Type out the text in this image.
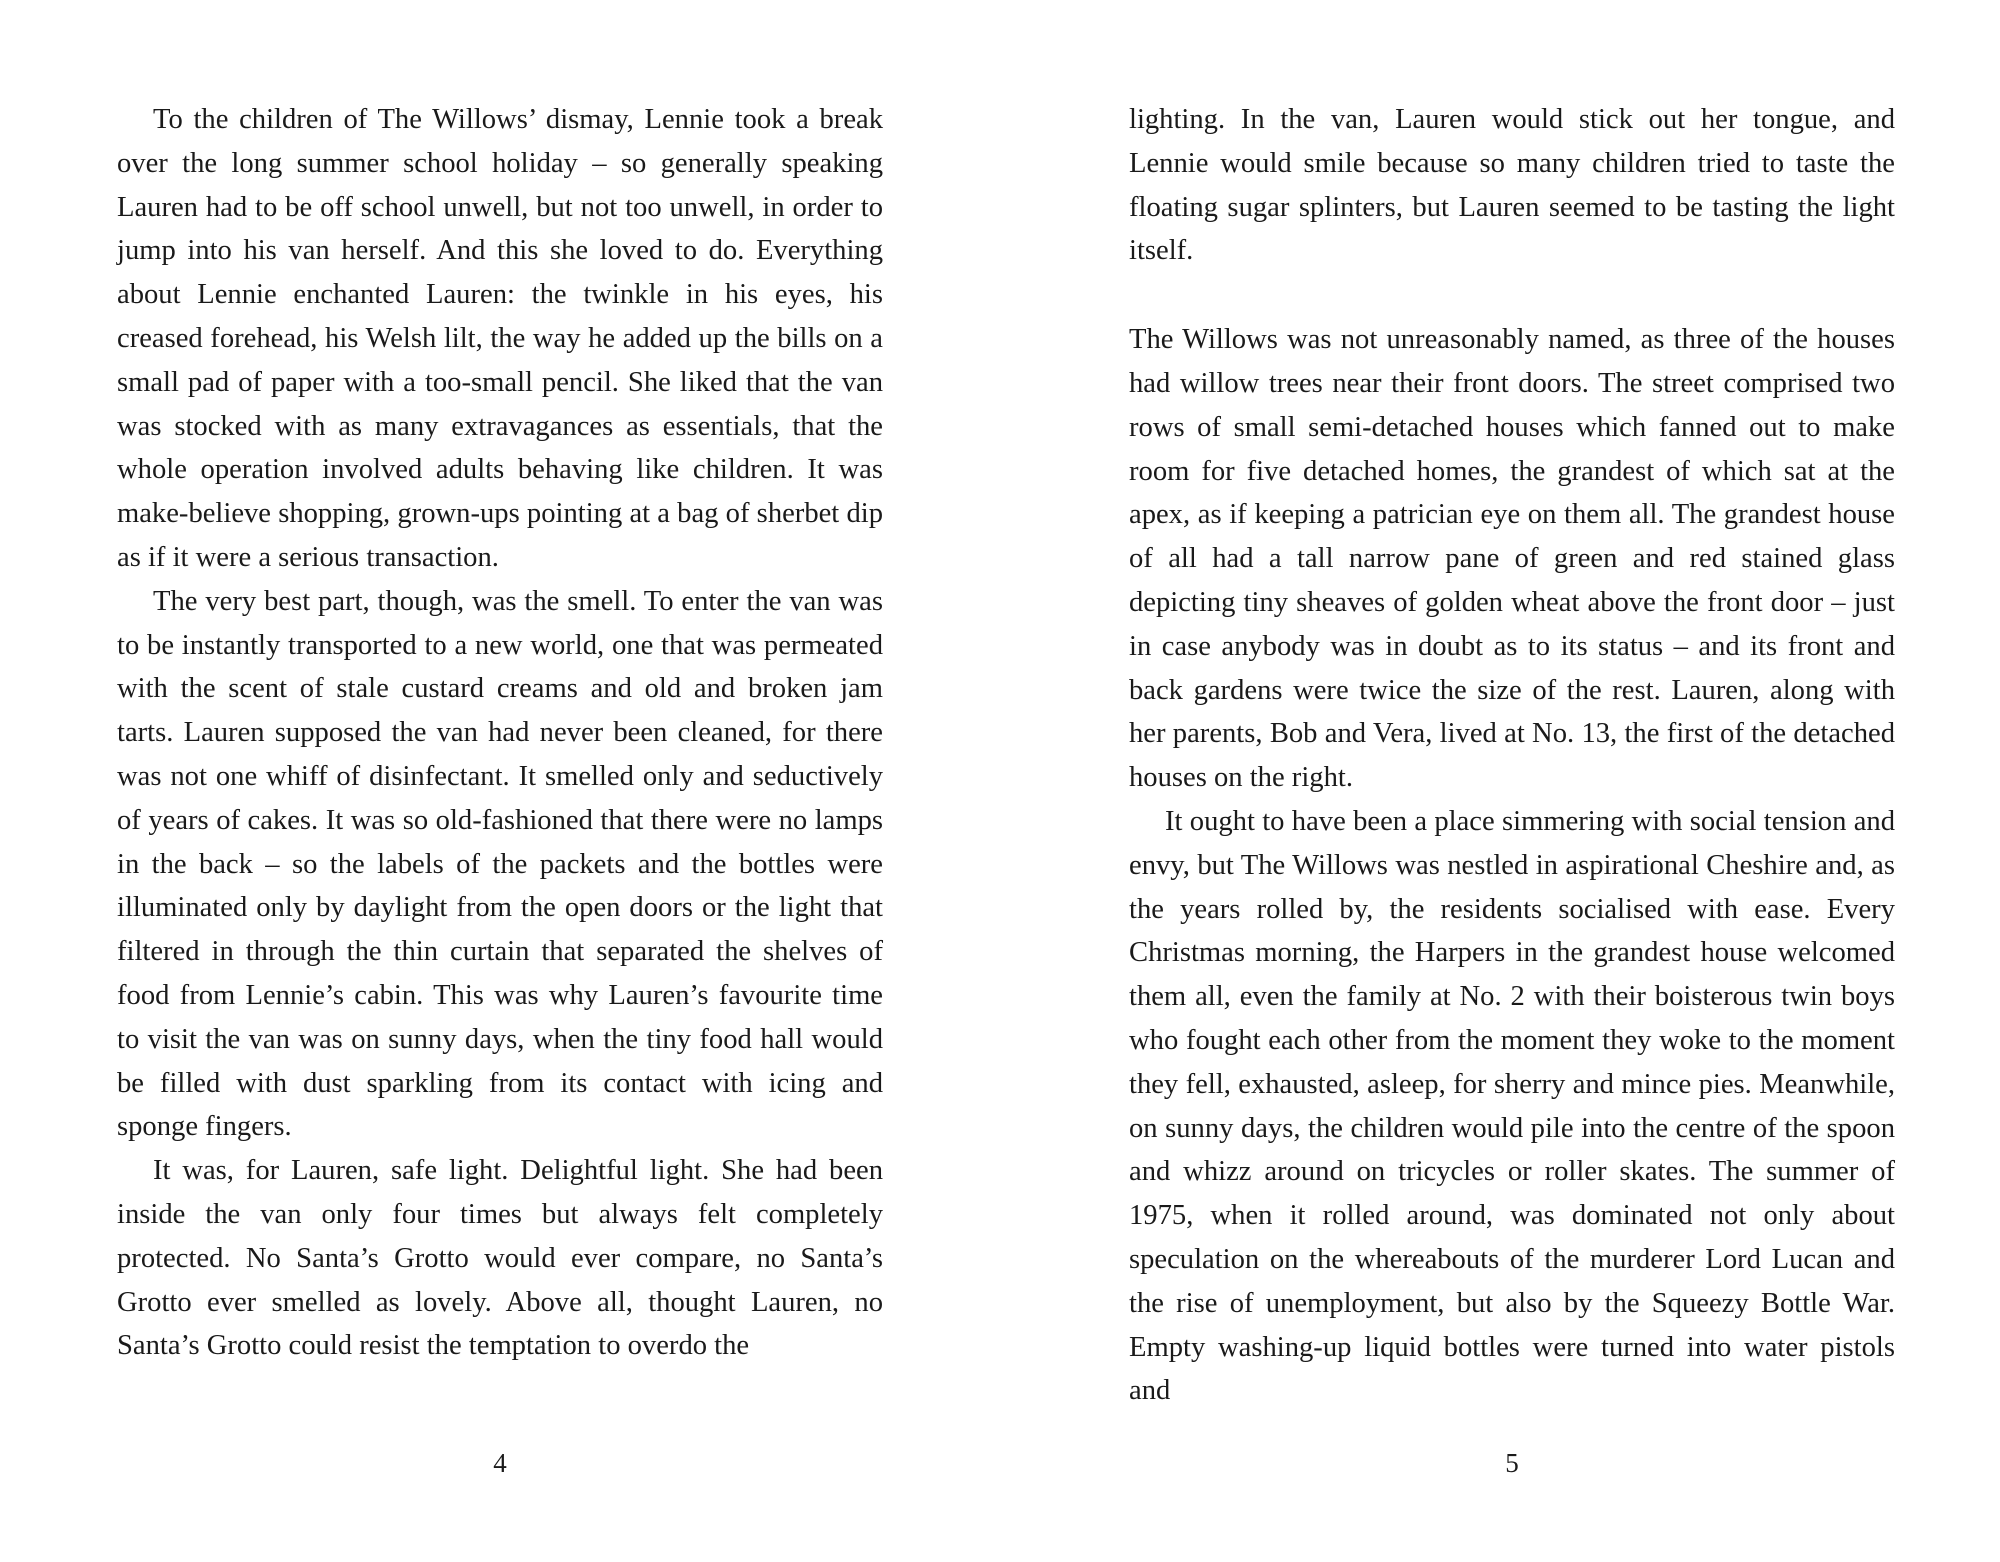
To the children of The Willows’ dismay, Lennie took a break over the long summer school holiday – so generally speaking Lauren had to be off school unwell, but not too unwell, in order to jump into his van herself. And this she loved to do. Everything about Lennie enchanted Lauren: the twinkle in his eyes, his creased forehead, his Welsh lilt, the way he added up the bills on a small pad of paper with a too-small pencil. She liked that the van was stocked with as many extravagances as essentials, that the whole operation involved adults behaving like children. It was make-believe shopping, grown-ups pointing at a bag of sherbet dip as if it were a serious transaction.

The very best part, though, was the smell. To enter the van was to be instantly transported to a new world, one that was permeated with the scent of stale custard creams and old and broken jam tarts. Lauren supposed the van had never been cleaned, for there was not one whiff of disinfectant. It smelled only and seductively of years of cakes. It was so old-fashioned that there were no lamps in the back – so the labels of the packets and the bottles were illuminated only by daylight from the open doors or the light that filtered in through the thin curtain that separated the shelves of food from Lennie’s cabin. This was why Lauren’s favourite time to visit the van was on sunny days, when the tiny food hall would be filled with dust sparkling from its contact with icing and sponge fingers.

It was, for Lauren, safe light. Delightful light. She had been inside the van only four times but always felt completely protected. No Santa’s Grotto would ever compare, no Santa’s Grotto ever smelled as lovely. Above all, thought Lauren, no Santa’s Grotto could resist the temptation to overdo the

4

lighting. In the van, Lauren would stick out her tongue, and Lennie would smile because so many children tried to taste the floating sugar splinters, but Lauren seemed to be tasting the light itself.

The Willows was not unreasonably named, as three of the houses had willow trees near their front doors. The street comprised two rows of small semi-detached houses which fanned out to make room for five detached homes, the grandest of which sat at the apex, as if keeping a patrician eye on them all. The grandest house of all had a tall narrow pane of green and red stained glass depicting tiny sheaves of golden wheat above the front door – just in case anybody was in doubt as to its status – and its front and back gardens were twice the size of the rest. Lauren, along with her parents, Bob and Vera, lived at No. 13, the first of the detached houses on the right.

It ought to have been a place simmering with social tension and envy, but The Willows was nestled in aspirational Cheshire and, as the years rolled by, the residents socialised with ease. Every Christmas morning, the Harpers in the grandest house welcomed them all, even the family at No. 2 with their boisterous twin boys who fought each other from the moment they woke to the moment they fell, exhausted, asleep, for sherry and mince pies. Meanwhile, on sunny days, the children would pile into the centre of the spoon and whizz around on tricycles or roller skates. The summer of 1975, when it rolled around, was dominated not only about speculation on the whereabouts of the murderer Lord Lucan and the rise of unemployment, but also by the Squeezy Bottle War. Empty washing-up liquid bottles were turned into water pistols and

5
